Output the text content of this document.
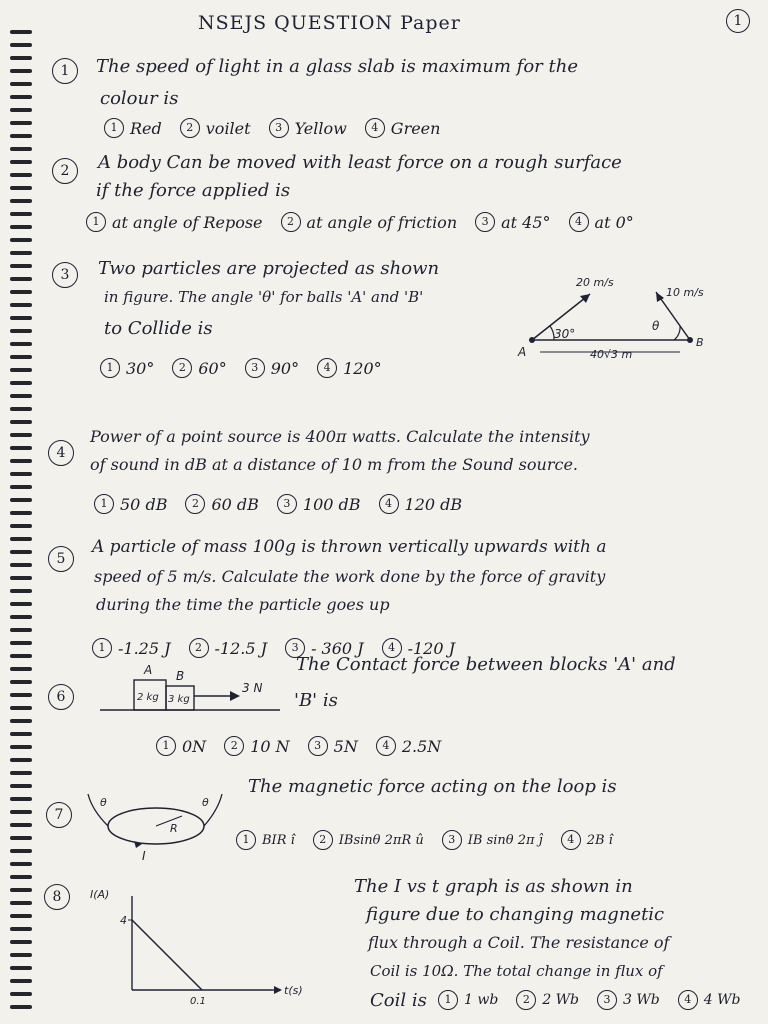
NSEJS QUESTION Paper	1
1	The speed of light in a glass slab is maximum for the
colour is
1 Red	2 voilet	3 Yellow	4 Green
2	A body Can be moved with least force on a rough surface
if the force applied is
1 at angle of Repose	2 at angle of friction	3 at 45°	4 at 0°
3	Two particles are projected as shown
in figure. The angle 'θ' for balls 'A' and 'B'
to Collide is
1 30°	2 60°	3 90°	4 120°
20 m/s
10 m/s
30°
θ
A
B
40√3 m
4
Power of a point source is 400π watts. Calculate the intensity
of sound in dB at a distance of 10 m from the Sound source.
1 50 dB	2 60 dB	3 100 dB	4 120 dB
5
A particle of mass 100g is thrown vertically upwards with a
speed of 5 m/s. Calculate the work done by the force of gravity
during the time the particle goes up
1 -1.25 J	2 -12.5 J	3 - 360 J	4 -120 J
6
A B
2 kg 3 kg
3 N
The Contact force between blocks 'A' and
'B' is
1 0N	2 10 N	3 5N	4 2.5N
7
θ	θ
R
I
The magnetic force acting on the loop is
1 BIR î	2 IBsinθ 2πR û	3 IB sinθ 2π ĵ	4 2B î
8	I(A)
t(s)
4
0.1
The I vs t graph is as shown in
figure due to changing magnetic
flux through a Coil. The resistance of
Coil is 10Ω. The total change in flux of
Coil is	1 1 wb	2 2 Wb	3 3 Wb	4 4 Wb
